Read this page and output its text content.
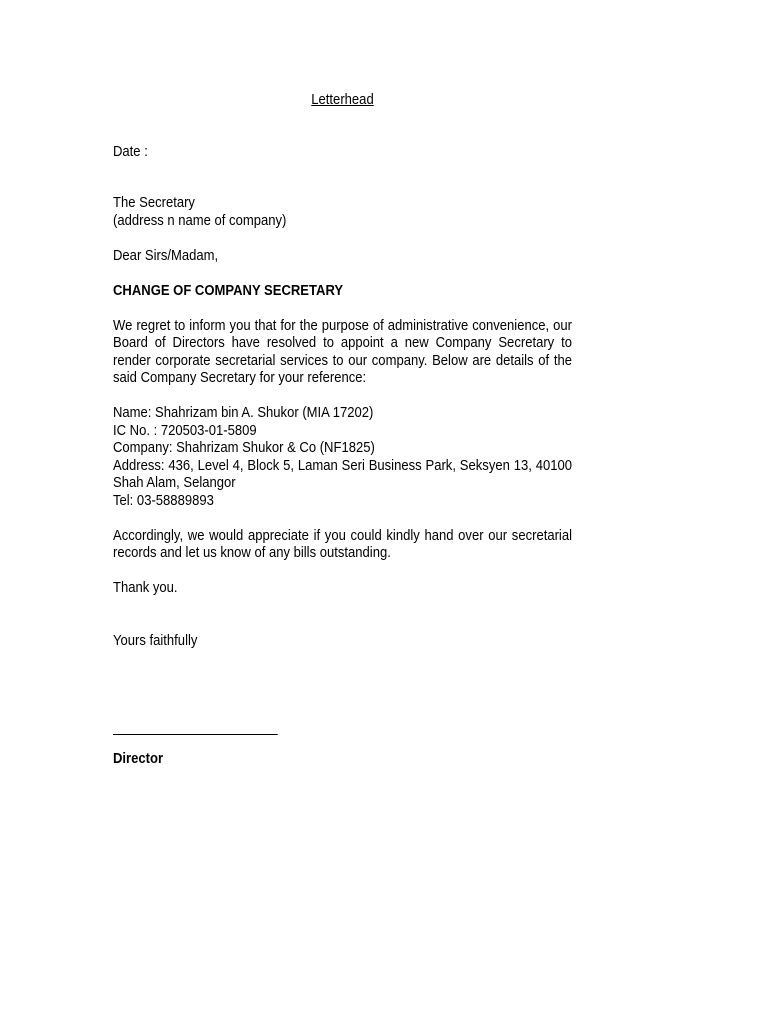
Letterhead
Date :
The Secretary
(address n name of company)
Dear Sirs/Madam,
CHANGE OF COMPANY SECRETARY
We regret to inform you that for the purpose of administrative convenience, our Board of Directors have resolved to appoint a new Company Secretary to render corporate secretarial services to our company. Below are details of the said Company Secretary for your reference:
Name: Shahrizam bin A. Shukor (MIA 17202)
IC No. : 720503-01-5809
Company: Shahrizam Shukor & Co (NF1825)
Address: 436, Level 4, Block 5, Laman Seri Business Park, Seksyen 13, 40100 Shah Alam, Selangor
Tel: 03-58889893
Accordingly, we would appreciate if you could kindly hand over our secretarial records and let us know of any bills outstanding.
Thank you.
Yours faithfully
Director
